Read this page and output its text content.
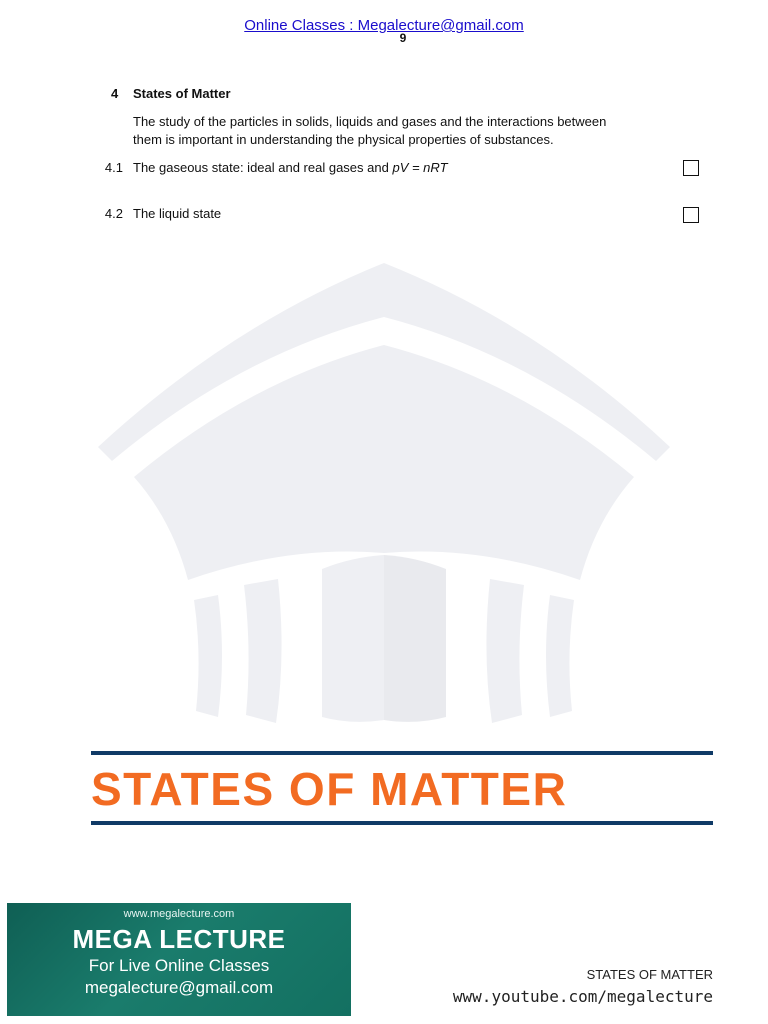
Online Classes : Megalecture@gmail.com
9
4 States of Matter
The study of the particles in solids, liquids and gases and the interactions between
them is important in understanding the physical properties of substances.
4.1 The gaseous state: ideal and real gases and pV = nRT
4.2 The liquid state
STATES OF MATTER
www.megalecture.com
MEGA LECTURE
For Live Online Classes
megalecture@gmail.com
STATES OF MATTER
www.youtube.com/megalecture
